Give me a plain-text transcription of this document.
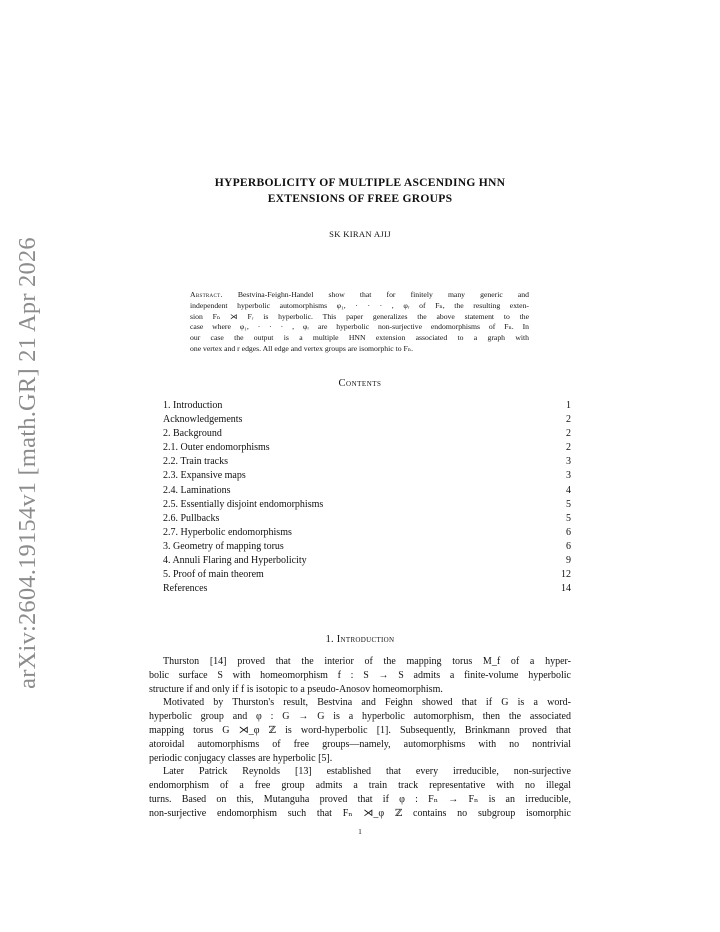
arXiv:2604.19154v1 [math.GR] 21 Apr 2026
HYPERBOLICITY OF MULTIPLE ASCENDING HNN
EXTENSIONS OF FREE GROUPS
SK KIRAN AJIJ
Abstract. Bestvina-Feighn-Handel show that for finitely many generic and
independent hyperbolic automorphisms φ₁, · · · , φᵣ of Fₙ, the resulting exten-
sion Fₙ ⋊ Fᵣ is hyperbolic. This paper generalizes the above statement to the
case where φ₁, · · · , φᵣ are hyperbolic non-surjective endomorphisms of Fₙ. In
our case the output is a multiple HNN extension associated to a graph with
one vertex and r edges. All edge and vertex groups are isomorphic to Fₙ.
Contents
1. Introduction	1
Acknowledgements	2
2. Background	2
2.1. Outer endomorphisms	2
2.2. Train tracks	3
2.3. Expansive maps	3
2.4. Laminations	4
2.5. Essentially disjoint endomorphisms	5
2.6. Pullbacks	5
2.7. Hyperbolic endomorphisms	6
3. Geometry of mapping torus	6
4. Annuli Flaring and Hyperbolicity	9
5. Proof of main theorem	12
References	14
1. Introduction
Thurston [14] proved that the interior of the mapping torus M_f of a hyper-
bolic surface S with homeomorphism f : S → S admits a finite-volume hyperbolic
structure if and only if f is isotopic to a pseudo-Anosov homeomorphism.
Motivated by Thurston's result, Bestvina and Feighn showed that if G is a word-
hyperbolic group and φ : G → G is a hyperbolic automorphism, then the associated
mapping torus G ⋊_φ ℤ is word-hyperbolic [1]. Subsequently, Brinkmann proved that
atoroidal automorphisms of free groups—namely, automorphisms with no nontrivial
periodic conjugacy classes are hyperbolic [5].
Later Patrick Reynolds [13] established that every irreducible, non-surjective
endomorphism of a free group admits a train track representative with no illegal
turns. Based on this, Mutanguha proved that if φ : Fₙ → Fₙ is an irreducible,
non-surjective endomorphism such that Fₙ ⋊_φ ℤ contains no subgroup isomorphic
1
